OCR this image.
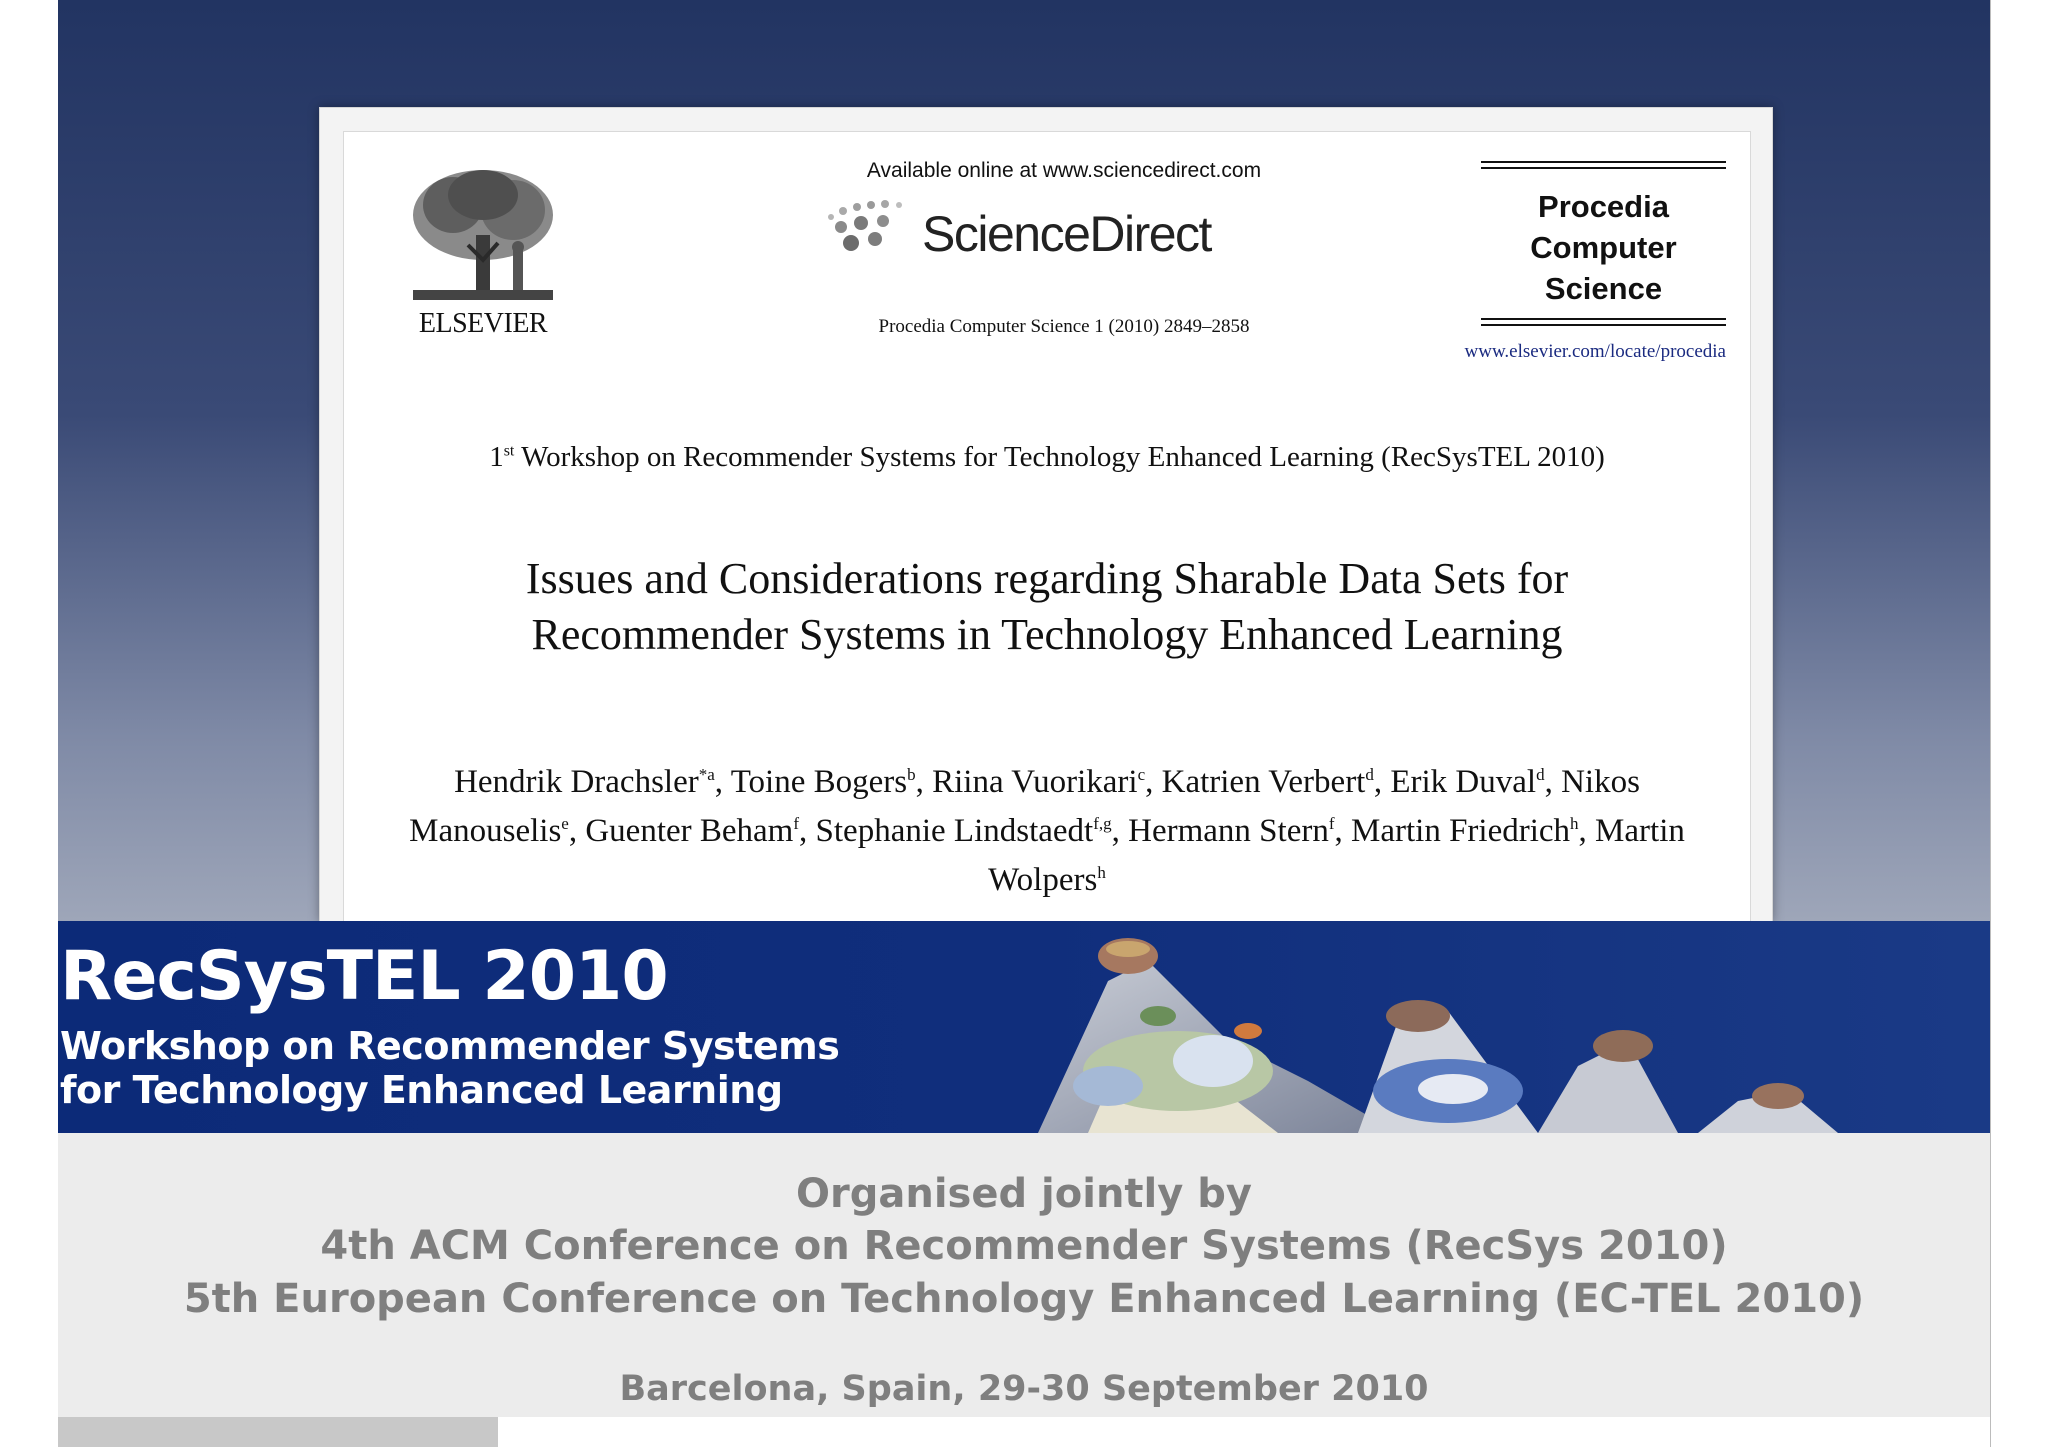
ELSEVIER
Available online at www.sciencedirect.com
ScienceDirect
Procedia Computer Science 1 (2010) 2849–2858
Procedia
Computer
Science
www.elsevier.com/locate/procedia
1st Workshop on Recommender Systems for Technology Enhanced Learning (RecSysTEL 2010)
Issues and Considerations regarding Sharable Data Sets for
Recommender Systems in Technology Enhanced Learning
Hendrik Drachsler$^{*a}$, Toine Bogers$^b$, Riina Vuorikari$^c$, Katrien Verbert$^d$, Erik Duval$^d$, Nikos Manouselis$^e$, Guenter Beham$^f$, Stephanie Lindstaedt$^{f,g}$, Hermann Stern$^f$, Martin Friedrich$^h$, Martin Wolpers$^h$
RecSysTEL 2010
Workshop on Recommender Systems
for Technology Enhanced Learning
Organised jointly by
4th ACM Conference on Recommender Systems (RecSys 2010)
5th European Conference on Technology Enhanced Learning (EC-TEL 2010)
Barcelona, Spain, 29-30 September 2010
